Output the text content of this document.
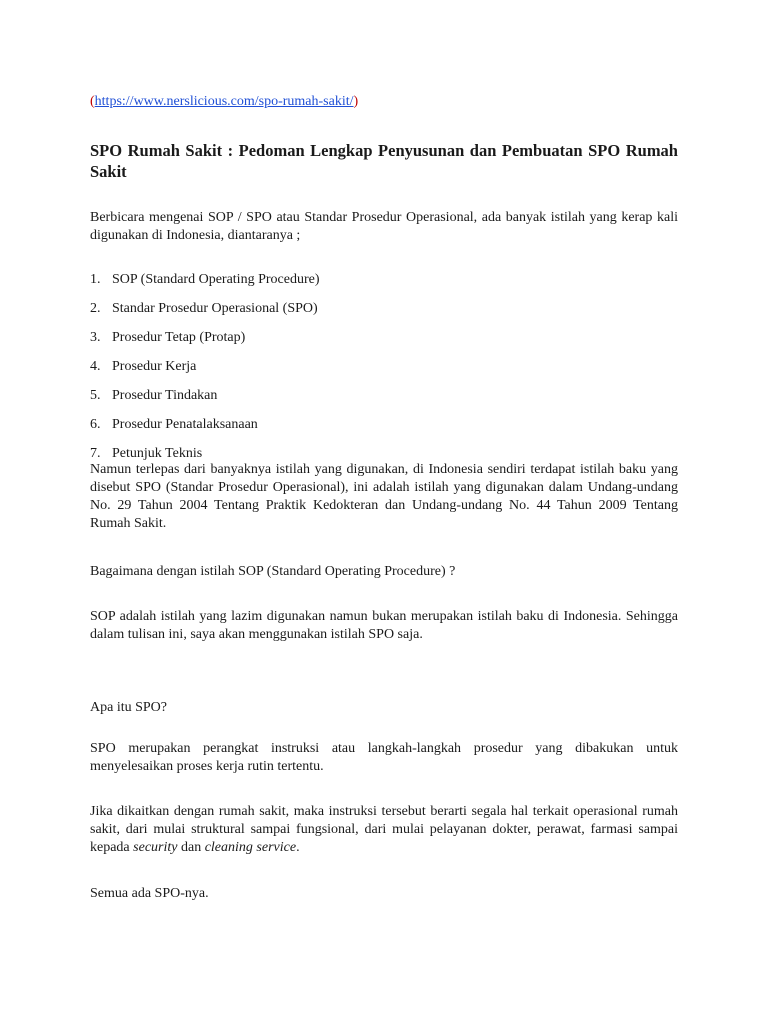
(https://www.nerslicious.com/spo-rumah-sakit/)
SPO Rumah Sakit : Pedoman Lengkap Penyusunan dan Pembuatan SPO Rumah Sakit

Berbicara mengenai SOP / SPO atau Standar Prosedur Operasional, ada banyak istilah yang kerap kali digunakan di Indonesia, diantaranya ;

1. SOP (Standard Operating Procedure)
2. Standar Prosedur Operasional (SPO)
3. Prosedur Tetap (Protap)
4. Prosedur Kerja
5. Prosedur Tindakan
6. Prosedur Penatalaksanaan
7. Petunjuk Teknis

Namun terlepas dari banyaknya istilah yang digunakan, di Indonesia sendiri terdapat istilah baku yang disebut SPO (Standar Prosedur Operasional), ini adalah istilah yang digunakan dalam Undang-undang No. 29 Tahun 2004 Tentang Praktik Kedokteran dan Undang-undang No. 44 Tahun 2009 Tentang Rumah Sakit.

Bagaimana dengan istilah SOP (Standard Operating Procedure) ?

SOP adalah istilah yang lazim digunakan namun bukan merupakan istilah baku di Indonesia. Sehingga dalam tulisan ini, saya akan menggunakan istilah SPO saja.

Apa itu SPO?

SPO merupakan perangkat instruksi atau langkah-langkah prosedur yang dibakukan untuk menyelesaikan proses kerja rutin tertentu.

Jika dikaitkan dengan rumah sakit, maka instruksi tersebut berarti segala hal terkait operasional rumah sakit, dari mulai struktural sampai fungsional, dari mulai pelayanan dokter, perawat, farmasi sampai kepada security dan cleaning service.

Semua ada SPO-nya.
